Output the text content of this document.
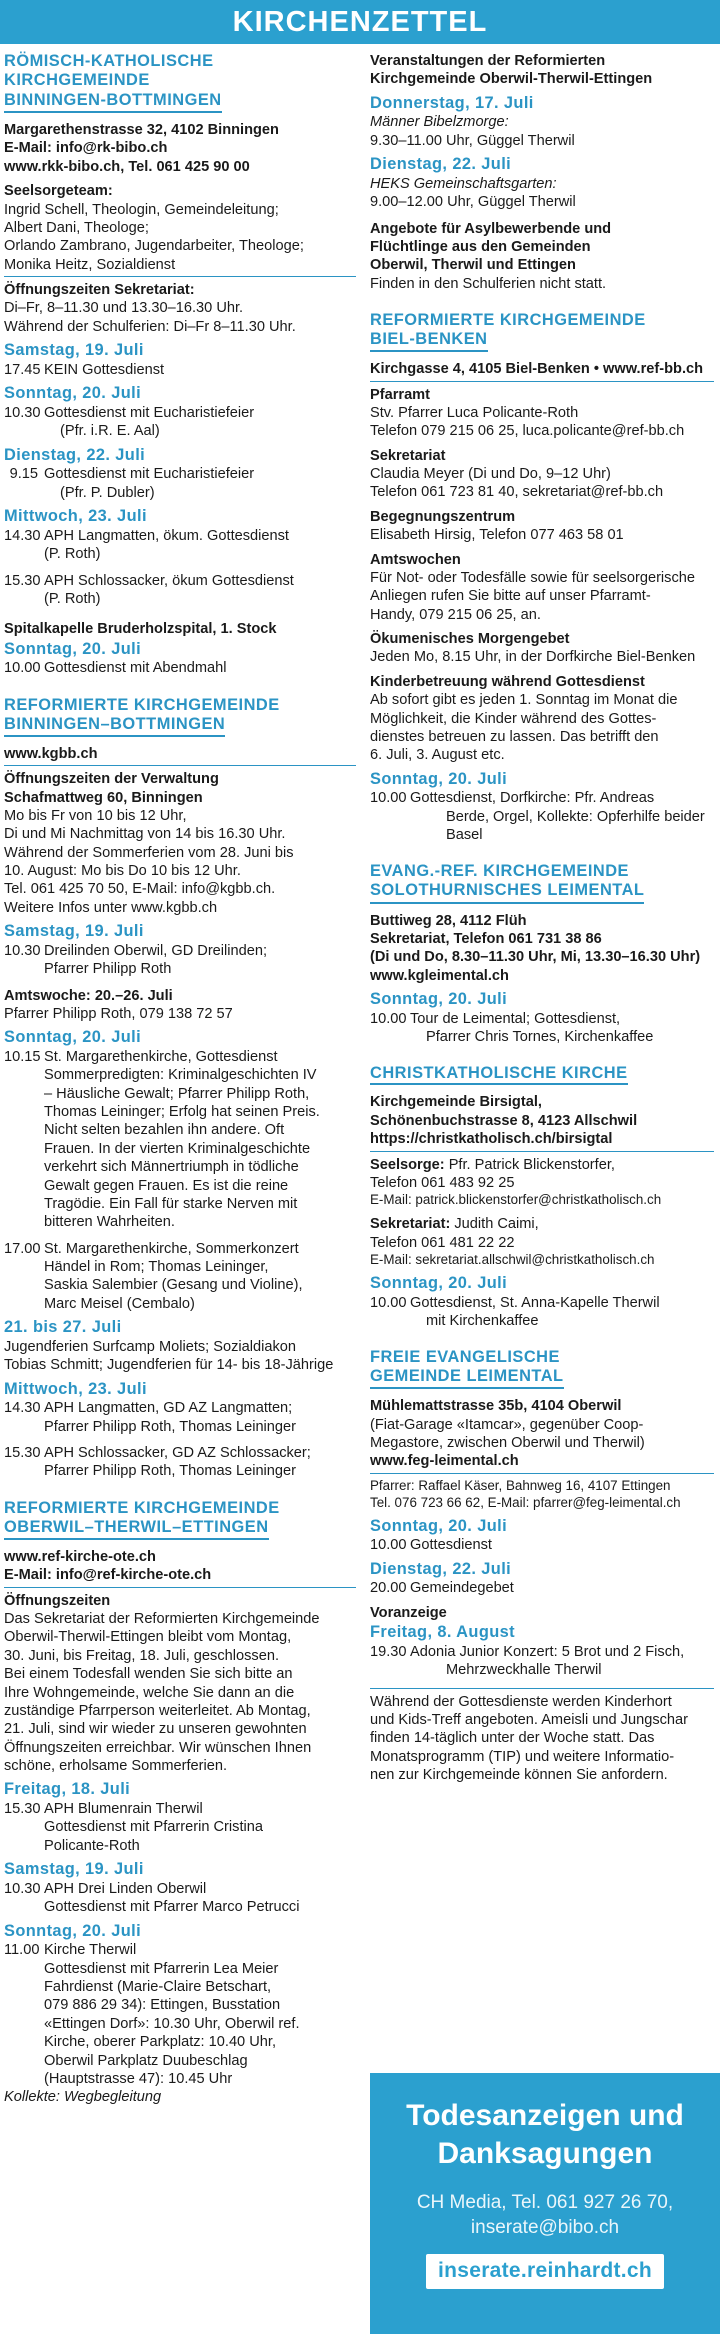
KIRCHENZETTEL
RÖMISCH-KATHOLISCHE
KIRCHGEMEINDE
BINNINGEN-BOTTMINGEN
Margarethenstrasse 32, 4102 Binningen
E-Mail: info@rk-bibo.ch
www.rkk-bibo.ch, Tel. 061 425 90 00
Seelsorgeteam:
Ingrid Schell, Theologin, Gemeindeleitung;
Albert Dani, Theologe;
Orlando Zambrano, Jugendarbeiter, Theologe;
Monika Heitz, Sozialdienst
Öffnungszeiten Sekretariat:
Di–Fr, 8–11.30 und 13.30–16.30 Uhr.
Während der Schulferien: Di–Fr 8–11.30 Uhr.
Samstag, 19. Juli
17.45 KEIN Gottesdienst
Sonntag, 20. Juli
10.30 Gottesdienst mit Eucharistiefeier
(Pfr. i.R. E. Aal)
Dienstag, 22. Juli
9.15 Gottesdienst mit Eucharistiefeier
(Pfr. P. Dubler)
Mittwoch, 23. Juli
14.30 APH Langmatten, ökum. Gottesdienst
(P. Roth)
15.30 APH Schlossacker, ökum Gottesdienst
(P. Roth)
Spitalkapelle Bruderholzspital, 1. Stock
Sonntag, 20. Juli
10.00 Gottesdienst mit Abendmahl
REFORMIERTE KIRCHGEMEINDE
BINNINGEN–BOTTMINGEN
www.kgbb.ch
Öffnungszeiten der Verwaltung
Schafmattweg 60, Binningen
Mo bis Fr von 10 bis 12 Uhr,
Di und Mi Nachmittag von 14 bis 16.30 Uhr.
Während der Sommerferien vom 28. Juni bis
10. August: Mo bis Do 10 bis 12 Uhr.
Tel. 061 425 70 50, E-Mail: info@kgbb.ch.
Weitere Infos unter www.kgbb.ch
Samstag, 19. Juli
10.30 Dreilinden Oberwil, GD Dreilinden;
Pfarrer Philipp Roth
Amtswoche: 20.–26. Juli
Pfarrer Philipp Roth, 079 138 72 57
Sonntag, 20. Juli
10.15 St. Margarethenkirche, Gottesdienst
Sommerpredigten: Kriminalgeschichten IV
– Häusliche Gewalt; Pfarrer Philipp Roth,
Thomas Leininger; Erfolg hat seinen Preis.
Nicht selten bezahlen ihn andere. Oft
Frauen. In der vierten Kriminalgeschichte
verkehrt sich Männertriumph in tödliche
Gewalt gegen Frauen. Es ist die reine
Tragödie. Ein Fall für starke Nerven mit
bitteren Wahrheiten.
17.00 St. Margarethenkirche, Sommerkonzert
Händel in Rom; Thomas Leininger,
Saskia Salembier (Gesang und Violine),
Marc Meisel (Cembalo)
21. bis 27. Juli
Jugendferien Surfcamp Moliets; Sozialdiakon
Tobias Schmitt; Jugendferien für 14- bis 18-Jährige
Mittwoch, 23. Juli
14.30 APH Langmatten, GD AZ Langmatten;
Pfarrer Philipp Roth, Thomas Leininger
15.30 APH Schlossacker, GD AZ Schlossacker;
Pfarrer Philipp Roth, Thomas Leininger
REFORMIERTE KIRCHGEMEINDE
OBERWIL–THERWIL–ETTINGEN
www.ref-kirche-ote.ch
E-Mail: info@ref-kirche-ote.ch
Öffnungszeiten
Das Sekretariat der Reformierten Kirchgemeinde
Oberwil-Therwil-Ettingen bleibt vom Montag,
30. Juni, bis Freitag, 18. Juli, geschlossen.
Bei einem Todesfall wenden Sie sich bitte an
Ihre Wohngemeinde, welche Sie dann an die
zuständige Pfarrperson weiterleitet. Ab Montag,
21. Juli, sind wir wieder zu unseren gewohnten
Öffnungszeiten erreichbar. Wir wünschen Ihnen
schöne, erholsame Sommerferien.
Freitag, 18. Juli
15.30 APH Blumenrain Therwil
Gottesdienst mit Pfarrerin Cristina
Policante-Roth
Samstag, 19. Juli
10.30 APH Drei Linden Oberwil
Gottesdienst mit Pfarrer Marco Petrucci
Sonntag, 20. Juli
11.00 Kirche Therwil
Gottesdienst mit Pfarrerin Lea Meier
Fahrdienst (Marie-Claire Betschart,
079 886 29 34): Ettingen, Busstation
«Ettingen Dorf»: 10.30 Uhr, Oberwil ref.
Kirche, oberer Parkplatz: 10.40 Uhr,
Oberwil Parkplatz Duubeschlag
(Hauptstrasse 47): 10.45 Uhr
Kollekte: Wegbegleitung
Veranstaltungen der Reformierten
Kirchgemeinde Oberwil-Therwil-Ettingen
Donnerstag, 17. Juli
Männer Bibelzmorge:
9.30–11.00 Uhr, Güggel Therwil
Dienstag, 22. Juli
HEKS Gemeinschaftsgarten:
9.00–12.00 Uhr, Güggel Therwil
Angebote für Asylbewerbende und
Flüchtlinge aus den Gemeinden
Oberwil, Therwil und Ettingen
Finden in den Schulferien nicht statt.
REFORMIERTE KIRCHGEMEINDE
BIEL-BENKEN
Kirchgasse 4, 4105 Biel-Benken • www.ref-bb.ch
Pfarramt
Stv. Pfarrer Luca Policante-Roth
Telefon 079 215 06 25, luca.policante@ref-bb.ch
Sekretariat
Claudia Meyer (Di und Do, 9–12 Uhr)
Telefon 061 723 81 40, sekretariat@ref-bb.ch
Begegnungszentrum
Elisabeth Hirsig, Telefon 077 463 58 01
Amtswochen
Für Not- oder Todesfälle sowie für seelsorgerische
Anliegen rufen Sie bitte auf unser Pfarramt-
Handy, 079 215 06 25, an.
Ökumenisches Morgengebet
Jeden Mo, 8.15 Uhr, in der Dorfkirche Biel-Benken
Kinderbetreuung während Gottesdienst
Ab sofort gibt es jeden 1. Sonntag im Monat die
Möglichkeit, die Kinder während des Gottes-
dienstes betreuen zu lassen. Das betrifft den
6. Juli, 3. August etc.
Sonntag, 20. Juli
10.00 Gottesdienst, Dorfkirche: Pfr. Andreas
Berde, Orgel, Kollekte: Opferhilfe beider
Basel
EVANG.-REF. KIRCHGEMEINDE
SOLOTHURNISCHES LEIMENTAL
Buttiweg 28, 4112 Flüh
Sekretariat, Telefon 061 731 38 86
(Di und Do, 8.30–11.30 Uhr, Mi, 13.30–16.30 Uhr)
www.kgleimental.ch
Sonntag, 20. Juli
10.00 Tour de Leimental; Gottesdienst,
Pfarrer Chris Tornes, Kirchenkaffee
CHRISTKATHOLISCHE KIRCHE
Kirchgemeinde Birsigtal,
Schönenbuchstrasse 8, 4123 Allschwil
https://christkatholisch.ch/birsigtal
Seelsorge: Pfr. Patrick Blickenstorfer,
Telefon 061 483 92 25
E-Mail: patrick.blickenstorfer@christkatholisch.ch
Sekretariat: Judith Caimi,
Telefon 061 481 22 22
E-Mail: sekretariat.allschwil@christkatholisch.ch
Sonntag, 20. Juli
10.00 Gottesdienst, St. Anna-Kapelle Therwil
mit Kirchenkaffee
FREIE EVANGELISCHE
GEMEINDE LEIMENTAL
Mühlemattstrasse 35b, 4104 Oberwil
(Fiat-Garage «Itamcar», gegenüber Coop-
Megastore, zwischen Oberwil und Therwil)
www.feg-leimental.ch
Pfarrer: Raffael Käser, Bahnweg 16, 4107 Ettingen
Tel. 076 723 66 62, E-Mail: pfarrer@feg-leimental.ch
Sonntag, 20. Juli
10.00 Gottesdienst
Dienstag, 22. Juli
20.00 Gemeindegebet
Voranzeige
Freitag, 8. August
19.30 Adonia Junior Konzert: 5 Brot und 2 Fisch,
Mehrzweckhalle Therwil
Während der Gottesdienste werden Kinderhort
und Kids-Treff angeboten. Ameisli und Jungschar
finden 14-täglich unter der Woche statt. Das
Monatsprogramm (TIP) und weitere Informatio-
nen zur Kirchgemeinde können Sie anfordern.
Todesanzeigen und
Danksagungen
CH Media, Tel. 061 927 26 70,
inserate@bibo.ch
inserate.reinhardt.ch
